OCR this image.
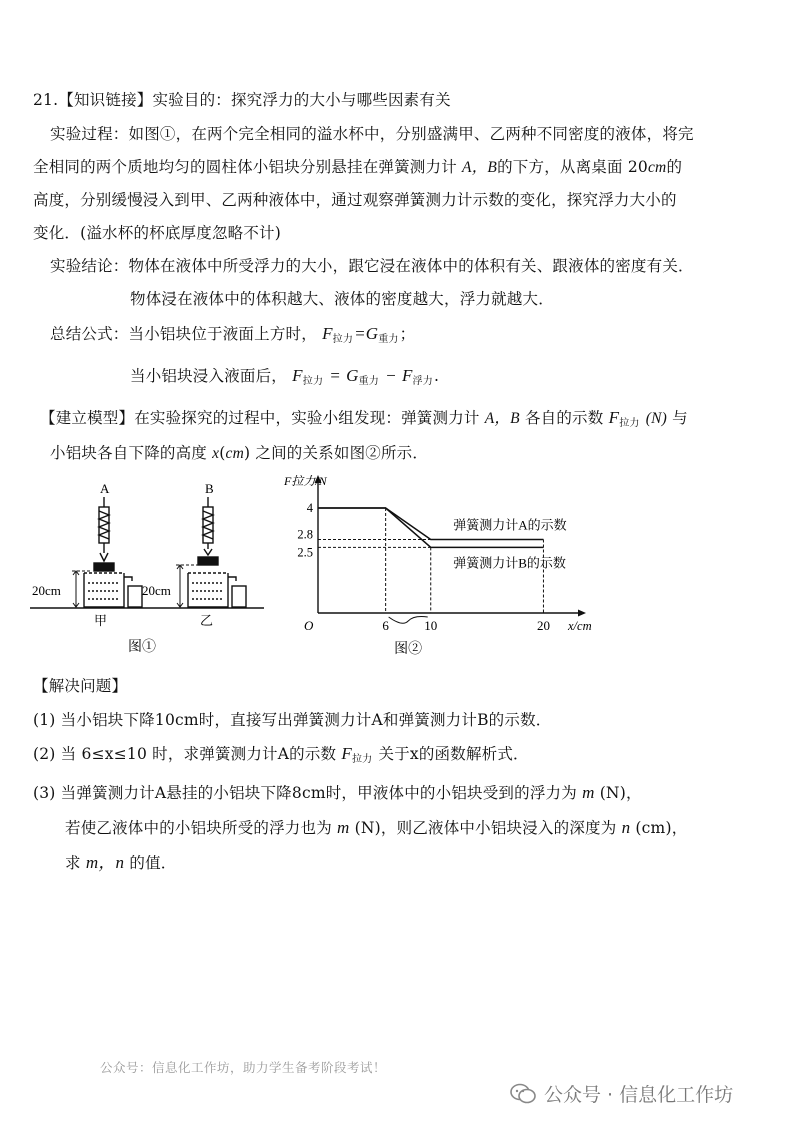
21.【知识链接】实验目的：探究浮力的大小与哪些因素有关
实验过程：如图①，在两个完全相同的溢水杯中，分别盛满甲、乙两种不同密度的液体，将完
全相同的两个质地均匀的圆柱体小铝块分别悬挂在弹簧测力计 A，B的下方，从离桌面 20cm的
高度，分别缓慢浸入到甲、乙两种液体中，通过观察弹簧测力计示数的变化，探究浮力大小的
变化．(溢水杯的杯底厚度忽略不计)
实验结论：物体在液体中所受浮力的大小，跟它浸在液体中的体积有关、跟液体的密度有关．
物体浸在液体中的体积越大、液体的密度越大，浮力就越大．
总结公式：当小铝块位于液面上方时， $F_{拉力}=G_{重力}$；
当小铝块浸入液面后， $F_{拉力} = G_{重力} - F_{浮力}$.
【建立模型】在实验探究的过程中，实验小组发现：弹簧测力计 A，B 各自的示数 $F_{拉力}$ (N) 与
小铝块各自下降的高度 x(cm) 之间的关系如图②所示．
A
20cm
甲
B
20cm
乙
图①
4
2.8
2.5
6	10	20
O
F拉力/N
x/cm
弹簧测力计A的示数
弹簧测力计B的示数
图②
【解决问题】
(1) 当小铝块下降10cm时，直接写出弹簧测力计A和弹簧测力计B的示数．
(2) 当 6≤x≤10 时，求弹簧测力计A的示数 $F_{拉力}$ 关于x的函数解析式．
(3) 当弹簧测力计A悬挂的小铝块下降8cm时，甲液体中的小铝块受到的浮力为 m (N)，
若使乙液体中的小铝块所受的浮力也为 m (N)，则乙液体中小铝块浸入的深度为 n (cm)，
求 m，n 的值．
公众号：信息化工作坊，助力学生备考阶段考试！
公众号 · 信息化工作坊
